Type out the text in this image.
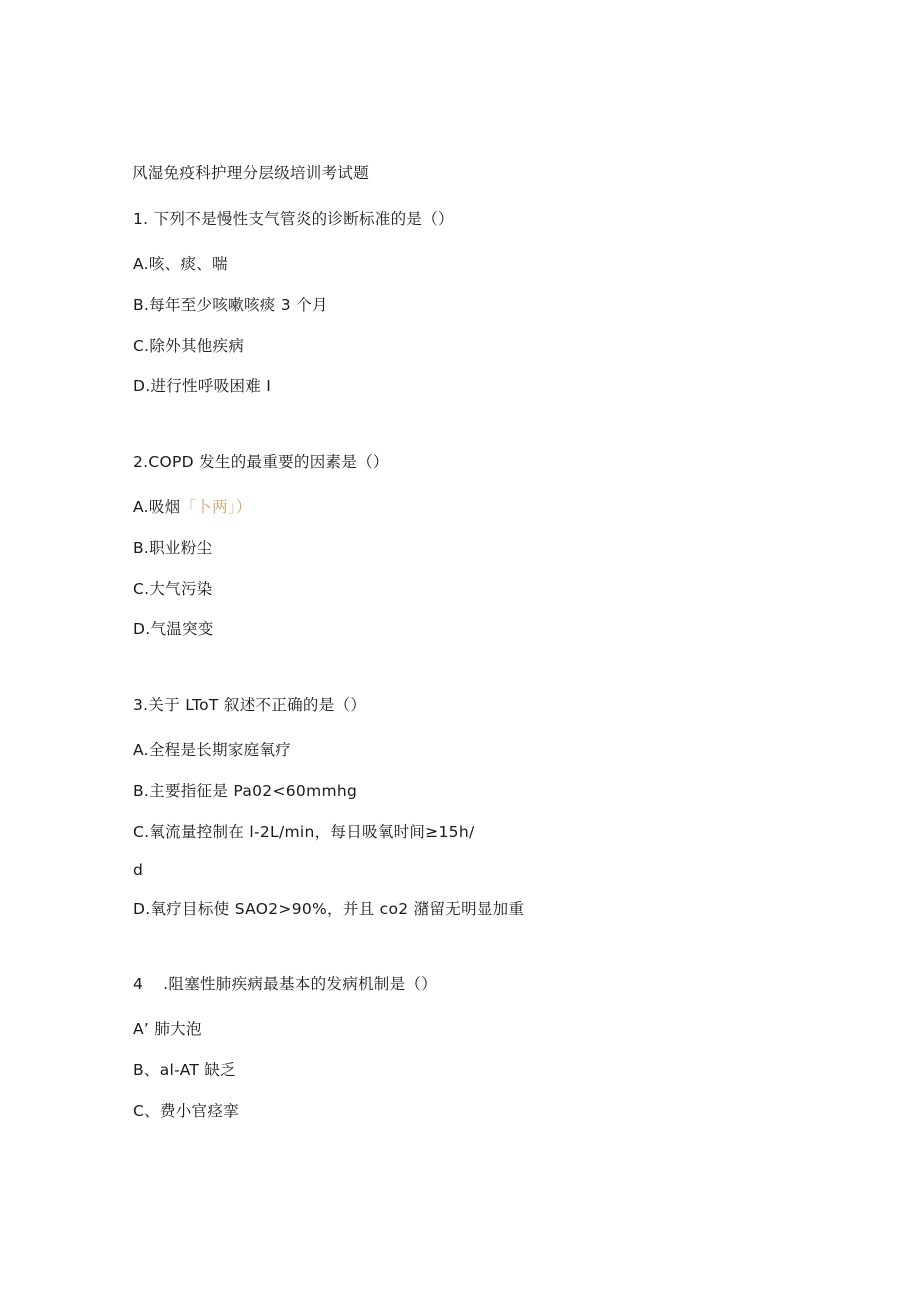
风湿免疫科护理分层级培训考试题
1. 下列不是慢性支气管炎的诊断标准的是（）
A.咳、痰、喘
B.每年至少咳嗽咳痰 3 个月
C.除外其他疾病
D.进行性呼吸困难 I
2.COPD 发生的最重要的因素是（）
A.吸烟「卜两」）
B.职业粉尘
C.大气污染
D.气温突变
3.关于 LToT 叙述不正确的是（）
A.全程是长期家庭氧疗
B.主要指征是 Pa02<60mmhg
C.氧流量控制在 l-2L/min，每日吸氧时间≥15h/
d
D.氧疗目标使 SAO2>90%，并且 co2 潴留无明显加重
4 .阻塞性肺疾病最基本的发病机制是（）
A’ 肺大泡
B、al-AT 缺乏
C、费小官痉挛
